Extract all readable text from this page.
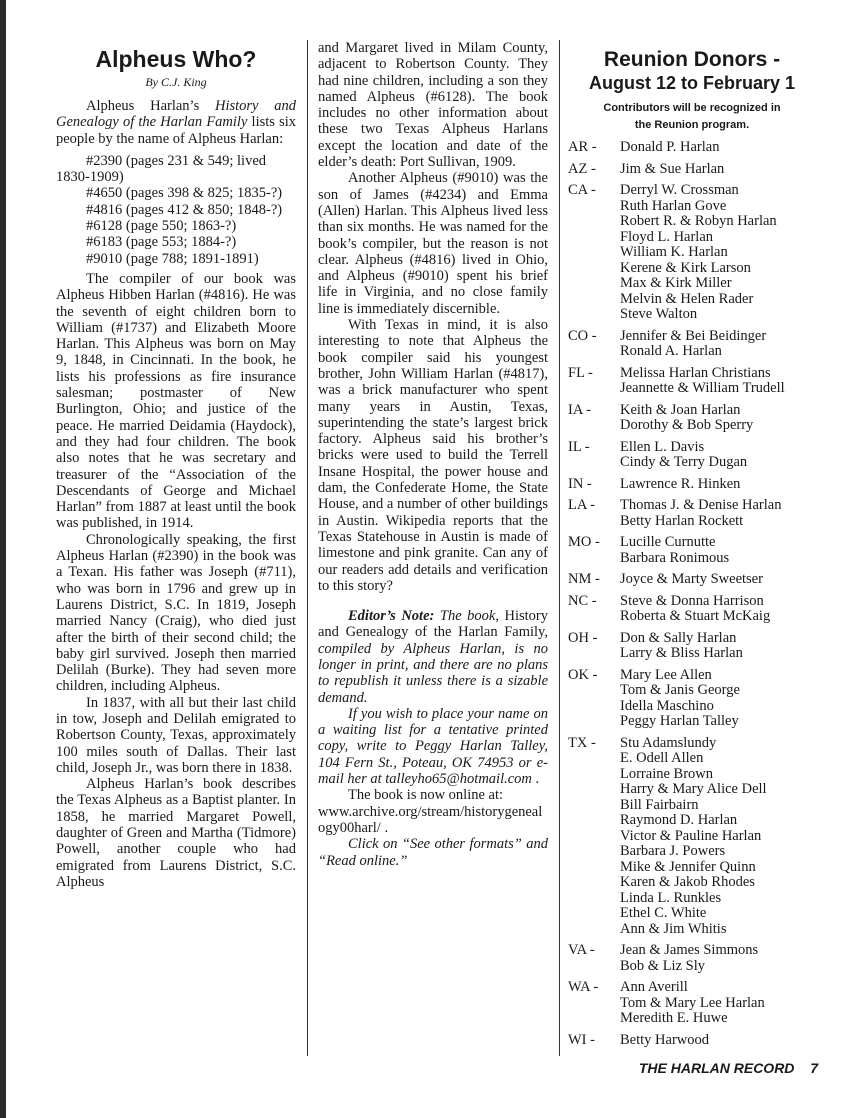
Alpheus Who?
By C.J. King

Alpheus Harlan’s History and Genealogy of the Harlan Family lists six people by the name of Alpheus Harlan:

#2390 (pages 231 & 549; lived 1830-1909)

#4650 (pages 398 & 825; 1835-?)

#4816 (pages 412 & 850; 1848-?)

#6128 (page 550; 1863-?)

#6183 (page 553; 1884-?)

#9010 (page 788; 1891-1891)

The compiler of our book was Alpheus Hibben Harlan (#4816). He was the seventh of eight children born to William (#1737) and Elizabeth Moore Harlan. This Alpheus was born on May 9, 1848, in Cincinnati. In the book, he lists his professions as fire insurance salesman; postmaster of New Burlington, Ohio; and justice of the peace. He married Deidamia (Haydock), and they had four children. The book also notes that he was secretary and treasurer of the “Association of the Descendants of George and Michael Harlan” from 1887 at least until the book was published, in 1914.

Chronologically speaking, the first Alpheus Harlan (#2390) in the book was a Texan. His father was Joseph (#711), who was born in 1796 and grew up in Laurens District, S.C. In 1819, Joseph married Nancy (Craig), who died just after the birth of their second child; the baby girl survived. Joseph then married Delilah (Burke). They had seven more children, including Alpheus.

In 1837, with all but their last child in tow, Joseph and Delilah emigrated to Robertson County, Texas, approximately 100 miles south of Dallas. Their last child, Joseph Jr., was born there in 1838.

Alpheus Harlan’s book describes the Texas Alpheus as a Baptist planter. In 1858, he married Margaret Powell, daughter of Green and Martha (Tidmore) Powell, another couple who had emigrated from Laurens District, S.C. Alpheus

and Margaret lived in Milam County, adjacent to Robertson County. They had nine children, including a son they named Alpheus (#6128). The book includes no other information about these two Texas Alpheus Harlans except the location and date of the elder’s death: Port Sullivan, 1909.

Another Alpheus (#9010) was the son of James (#4234) and Emma (Allen) Harlan. This Alpheus lived less than six months. He was named for the book’s compiler, but the reason is not clear. Alpheus (#4816) lived in Ohio, and Alpheus (#9010) spent his brief life in Virginia, and no close family line is immediately discernible.

With Texas in mind, it is also interesting to note that Alpheus the book compiler said his youngest brother, John William Harlan (#4817), was a brick manufacturer who spent many years in Austin, Texas, superintending the state’s largest brick factory. Alpheus said his brother’s bricks were used to build the Terrell Insane Hospital, the power house and dam, the Confederate Home, the State House, and a number of other buildings in Austin. Wikipedia reports that the Texas Statehouse in Austin is made of limestone and pink granite. Can any of our readers add details and verification to this story?

Editor’s Note: The book, History and Genealogy of the Harlan Family, compiled by Alpheus Harlan, is no longer in print, and there are no plans to republish it unless there is a sizable demand.

If you wish to place your name on a waiting list for a tentative printed copy, write to Peggy Harlan Talley, 104 Fern St., Poteau, OK 74953 or e-mail her at talleyho65@hotmail.com .

The book is now online at:

www.archive.org/stream/historygenealogy00harl/ .

Click on “See other formats” and “Read online.”

Reunion Donors -
August 12 to February 1
Contributors will be recognized in
the Reunion program.
AR -	Donald P. Harlan
AZ -	Jim & Sue Harlan
CA -	Derryl W. Crossman
Ruth Harlan Gove
Robert R. & Robyn Harlan
Floyd L. Harlan
William K. Harlan
Kerene & Kirk Larson
Max & Kirk Miller
Melvin & Helen Rader
Steve Walton
CO -	Jennifer & Bei Beidinger
Ronald A. Harlan
FL -	Melissa Harlan Christians
Jeannette & William Trudell
IA -	Keith & Joan Harlan
Dorothy & Bob Sperry
IL -	Ellen L. Davis
Cindy & Terry Dugan
IN -	Lawrence R. Hinken
LA -	Thomas J. & Denise Harlan
Betty Harlan Rockett
MO -	Lucille Curnutte
Barbara Ronimous
NM -	Joyce & Marty Sweetser
NC -	Steve & Donna Harrison
Roberta & Stuart McKaig
OH -	Don & Sally Harlan
Larry & Bliss Harlan
OK -	Mary Lee Allen
Tom & Janis George
Idella Maschino
Peggy Harlan Talley
TX -	Stu Adamslundy
E. Odell Allen
Lorraine Brown
Harry & Mary Alice Dell
Bill Fairbairn
Raymond D. Harlan
Victor & Pauline Harlan
Barbara J. Powers
Mike & Jennifer Quinn
Karen & Jakob Rhodes
Linda L. Runkles
Ethel C. White
Ann & Jim Whitis
VA -	Jean & James Simmons
Bob & Liz Sly
WA -	Ann Averill
Tom & Mary Lee Harlan
Meredith E. Huwe
WI -	Betty Harwood
THE HARLAN RECORD 7
